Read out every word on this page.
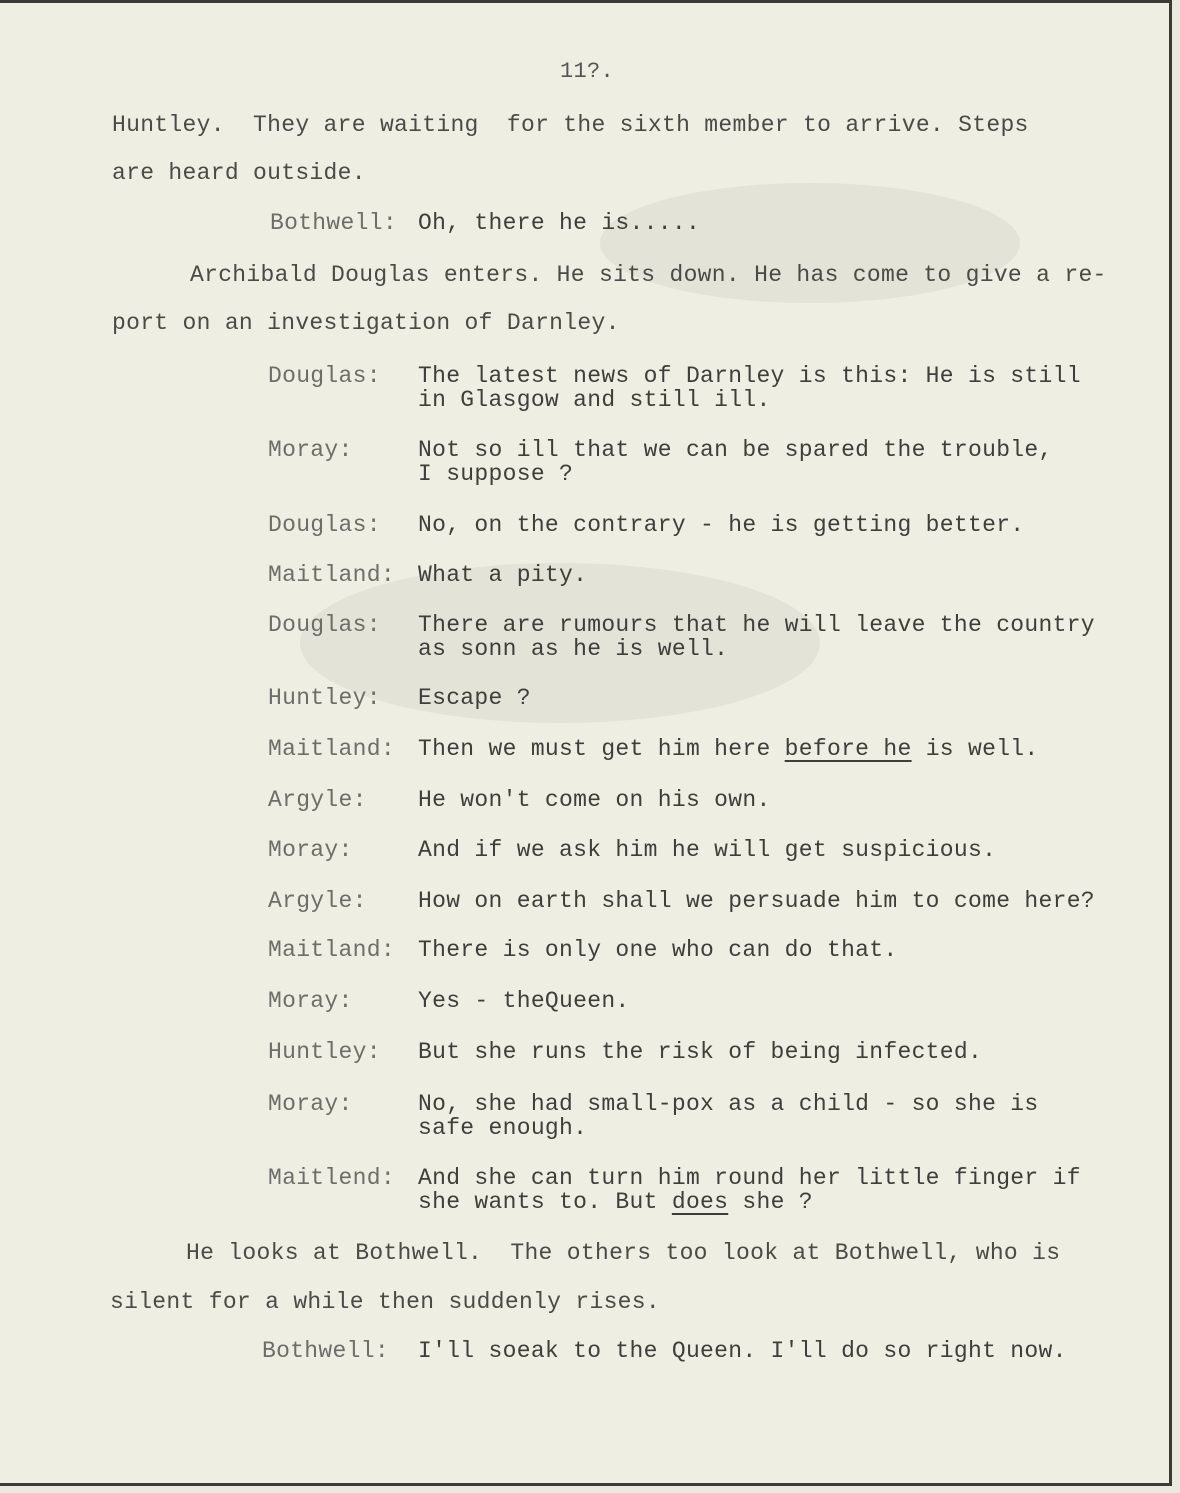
11?.
Huntley.  They are waiting  for the sixth member to arrive. Steps
are heard outside.
Bothwell: Oh, there he is.....
Archibald Douglas enters. He sits down. He has come to give a re-
port on an investigation of Darnley.
Douglas: The latest news of Darnley is this: He is still
in Glasgow and still ill.
Moray:	Not so ill that we can be spared the trouble,
I suppose ?
Douglas: No, on the contrary - he is getting better.
Maitland: What a pity.
Douglas: There are rumours that he will leave the country
as sonn as he is well.
Huntley: Escape ?
Maitland: Then we must get him here before he is well.
Argyle: He won't come on his own.
Moray:	And if we ask him he will get suspicious.
Argyle: How on earth shall we persuade him to come here?
Maitland: There is only one who can do that.
Moray:	Yes - theQueen.
Huntley: But she runs the risk of being infected.
Moray:	No, she had small-pox as a child - so she is
safe enough.
Maitlend: And she can turn him round her little finger if
she wants to. But does she ?
He looks at Bothwell.  The others too look at Bothwell, who is
silent for a while then suddenly rises.
Bothwell: I'll soeak to the Queen. I'll do so right now.
